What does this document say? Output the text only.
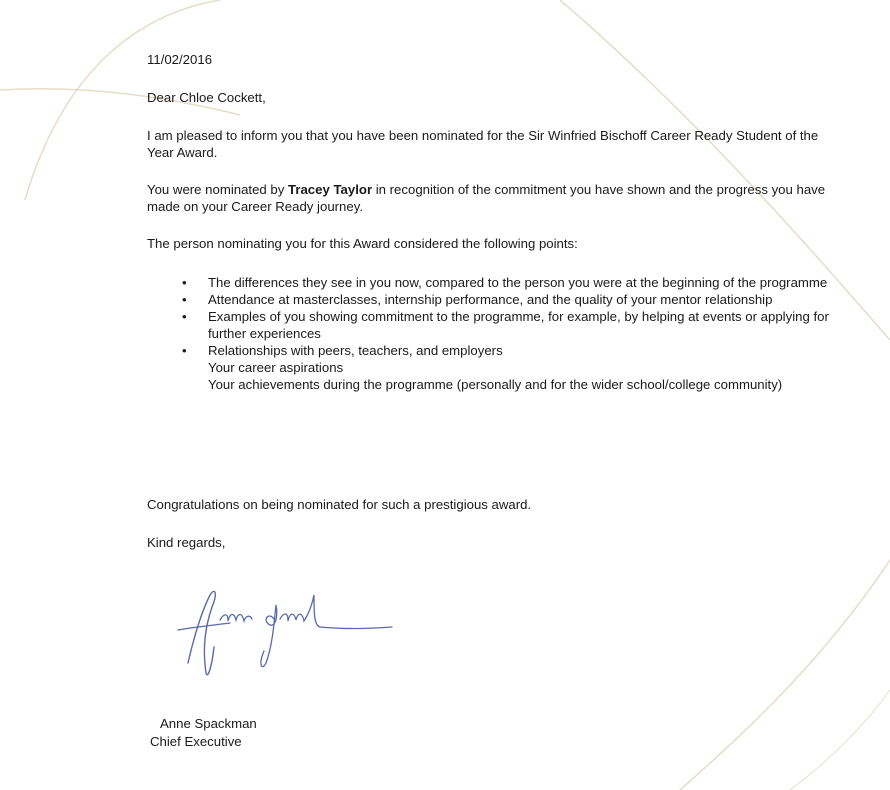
11/02/2016

Dear Chloe Cockett,

I am pleased to inform you that you have been nominated for the Sir Winfried Bischoff Career Ready Student of the Year Award.

You were nominated by Tracey Taylor in recognition of the commitment you have shown and the progress you have made on your Career Ready journey.

The person nominating you for this Award considered the following points:

• The differences they see in you now, compared to the person you were at the beginning of the programme
• Attendance at masterclasses, internship performance, and the quality of your mentor relationship
• Examples of you showing commitment to the programme, for example, by helping at events or applying for further experiences
• Relationships with peers, teachers, and employers
Your career aspirations
Your achievements during the programme (personally and for the wider school/college community)

Congratulations on being nominated for such a prestigious award.

Kind regards,

Anne Spackman

Chief Executive
